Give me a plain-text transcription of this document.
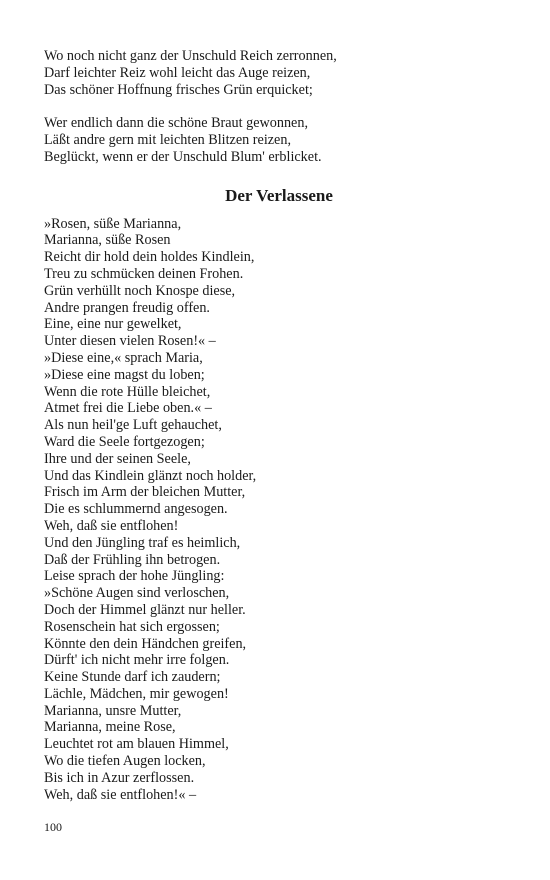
Wo noch nicht ganz der Unschuld Reich zerronnen,
Darf leichter Reiz wohl leicht das Auge reizen,
Das schöner Hoffnung frisches Grün erquicket;
Wer endlich dann die schöne Braut gewonnen,
Läßt andre gern mit leichten Blitzen reizen,
Beglückt, wenn er der Unschuld Blum' erblicket.
Der Verlassene
»Rosen, süße Marianna,
Marianna, süße Rosen
Reicht dir hold dein holdes Kindlein,
Treu zu schmücken deinen Frohen.
Grün verhüllt noch Knospe diese,
Andre prangen freudig offen.
Eine, eine nur gewelket,
Unter diesen vielen Rosen!« –
»Diese eine,« sprach Maria,
»Diese eine magst du loben;
Wenn die rote Hülle bleichet,
Atmet frei die Liebe oben.« –
Als nun heil'ge Luft gehauchet,
Ward die Seele fortgezogen;
Ihre und der seinen Seele,
Und das Kindlein glänzt noch holder,
Frisch im Arm der bleichen Mutter,
Die es schlummernd angesogen.
Weh, daß sie entflohen!
Und den Jüngling traf es heimlich,
Daß der Frühling ihn betrogen.
Leise sprach der hohe Jüngling:
»Schöne Augen sind verloschen,
Doch der Himmel glänzt nur heller.
Rosenschein hat sich ergossen;
Könnte den dein Händchen greifen,
Dürft' ich nicht mehr irre folgen.
Keine Stunde darf ich zaudern;
Lächle, Mädchen, mir gewogen!
Marianna, unsre Mutter,
Marianna, meine Rose,
Leuchtet rot am blauen Himmel,
Wo die tiefen Augen locken,
Bis ich in Azur zerflossen.
Weh, daß sie entflohen!« –
100
